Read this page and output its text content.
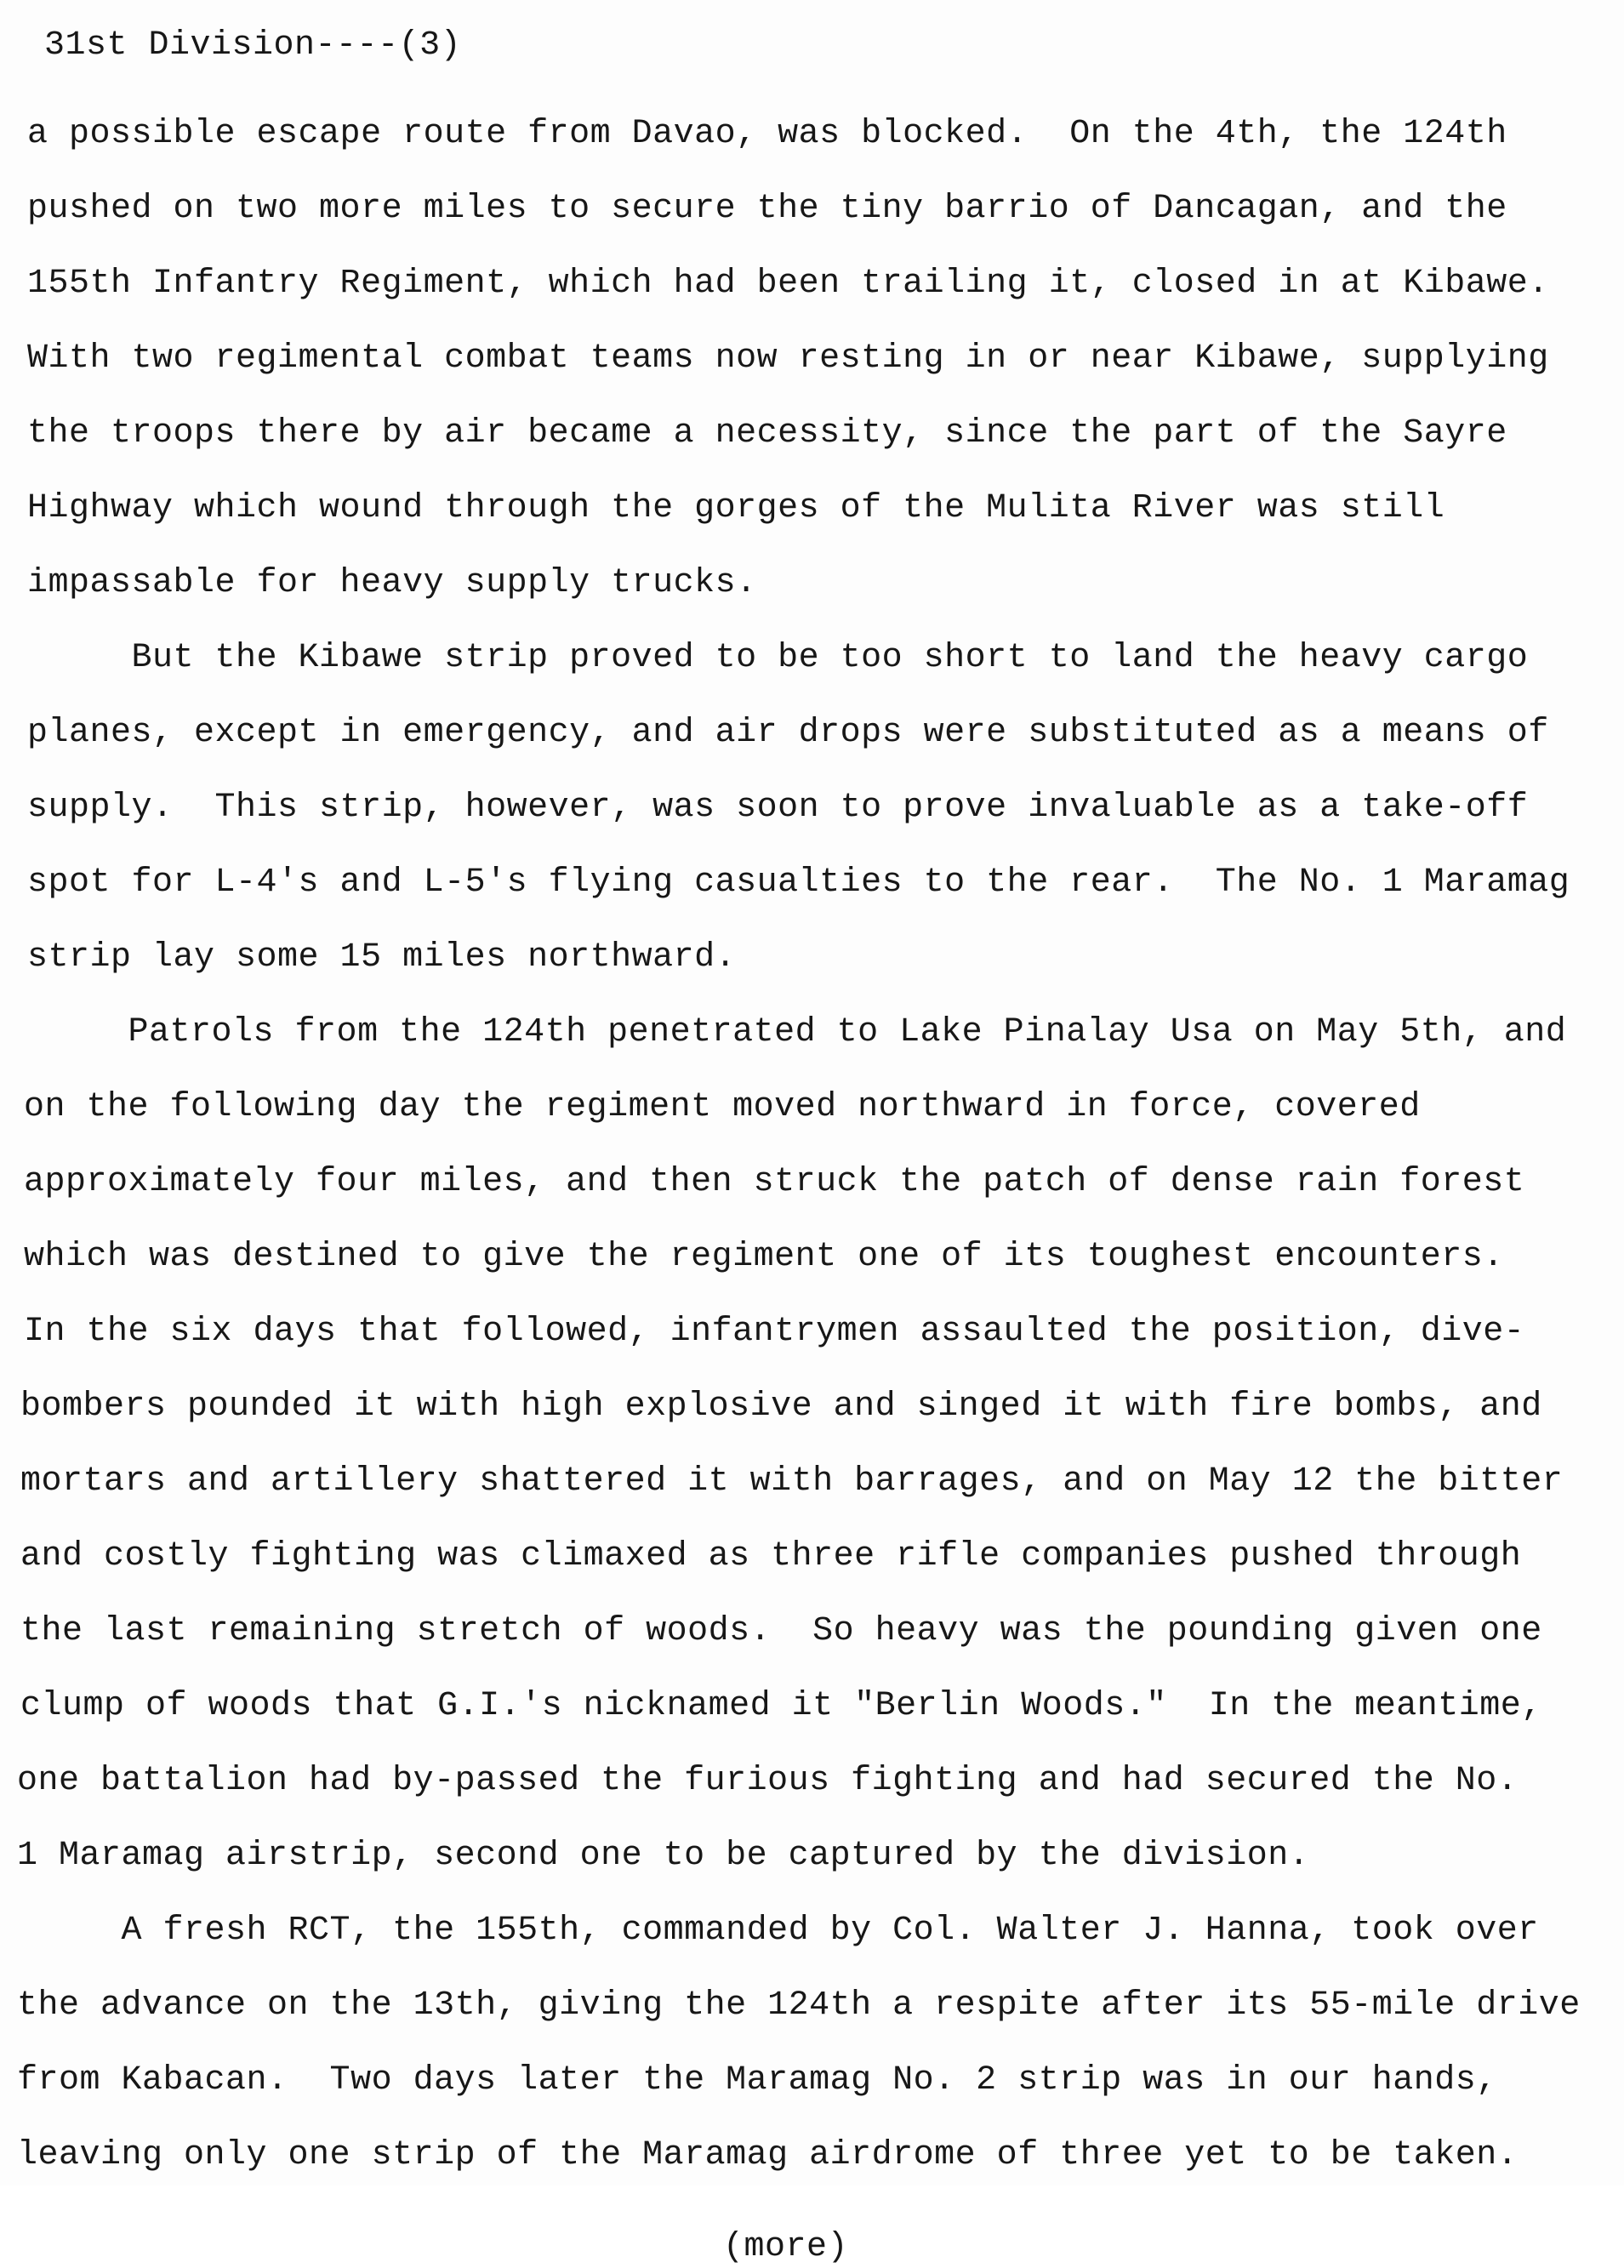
31st Division----(3)
a possible escape route from Davao, was blocked.  On the 4th, the 124th
pushed on two more miles to secure the tiny barrio of Dancagan, and the
155th Infantry Regiment, which had been trailing it, closed in at Kibawe.
With two regimental combat teams now resting in or near Kibawe, supplying
the troops there by air became a necessity, since the part of the Sayre
Highway which wound through the gorges of the Mulita River was still
impassable for heavy supply trucks.
But the Kibawe strip proved to be too short to land the heavy cargo
planes, except in emergency, and air drops were substituted as a means of
supply.  This strip, however, was soon to prove invaluable as a take-off
spot for L-4's and L-5's flying casualties to the rear.  The No. 1 Maramag
strip lay some 15 miles northward.
Patrols from the 124th penetrated to Lake Pinalay Usa on May 5th, and
on the following day the regiment moved northward in force, covered
approximately four miles, and then struck the patch of dense rain forest
which was destined to give the regiment one of its toughest encounters.
In the six days that followed, infantrymen assaulted the position, dive-
bombers pounded it with high explosive and singed it with fire bombs, and
mortars and artillery shattered it with barrages, and on May 12 the bitter
and costly fighting was climaxed as three rifle companies pushed through
the last remaining stretch of woods.  So heavy was the pounding given one
clump of woods that G.I.'s nicknamed it "Berlin Woods."  In the meantime,
one battalion had by-passed the furious fighting and had secured the No.
1 Maramag airstrip, second one to be captured by the division.
A fresh RCT, the 155th, commanded by Col. Walter J. Hanna, took over
the advance on the 13th, giving the 124th a respite after its 55-mile drive
from Kabacan.  Two days later the Maramag No. 2 strip was in our hands,
leaving only one strip of the Maramag airdrome of three yet to be taken.
(more)
